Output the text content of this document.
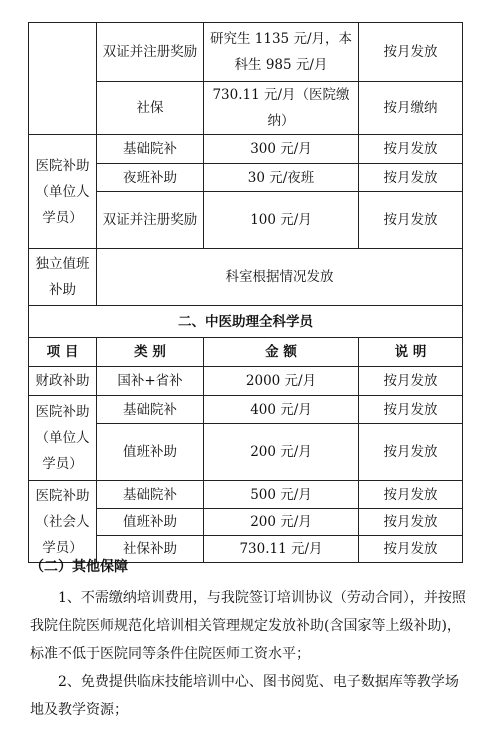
	双证并注册奖励	研究生 1135 元/月，本科生 985 元/月	按月发放
	社保	730.11 元/月（医院缴纳）	按月缴纳
医院补助（单位人学员）	基础院补	300 元/月	按月发放
	夜班补助	30 元/夜班	按月发放
	双证并注册奖励	100 元/月	按月发放
独立值班补助	科室根据情况发放		
二、中医助理全科学员			
项 目	类 别	金 额	说 明
财政补助	国补+省补	2000 元/月	按月发放
医院补助（单位人学员）	基础院补	400 元/月	按月发放
	值班补助	200 元/月	按月发放
医院补助（社会人学员）	基础院补	500 元/月	按月发放
	值班补助	200 元/月	按月发放
	社保补助	730.11 元/月	按月发放
（二）其他保障

1、不需缴纳培训费用，与我院签订培训协议（劳动合同），并按照我院住院医师规范化培训相关管理规定发放补助(含国家等上级补助)，标准不低于医院同等条件住院医师工资水平；

2、免费提供临床技能培训中心、图书阅览、电子数据库等教学场地及教学资源；
